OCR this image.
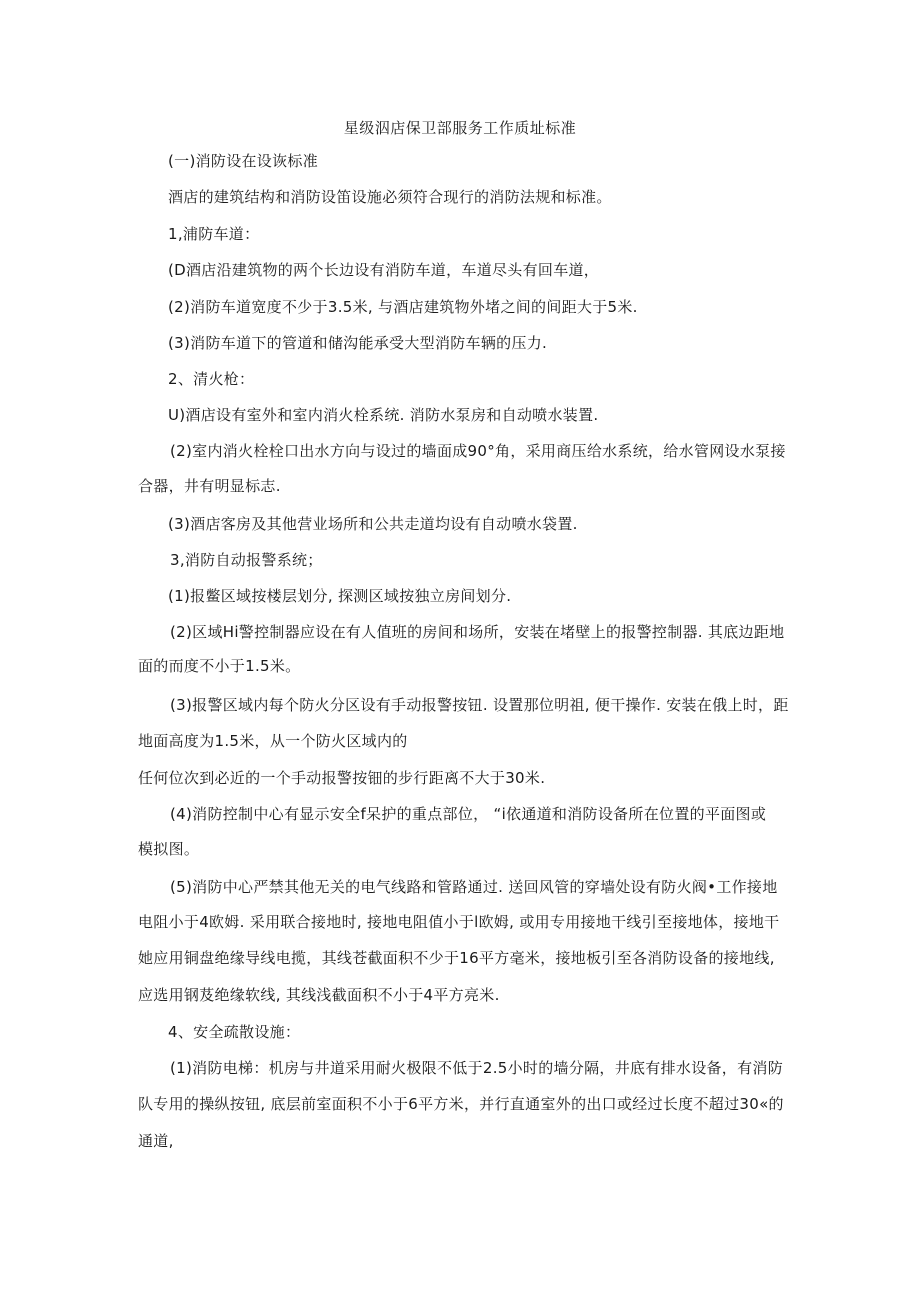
星级泅店保卫部服务工作质址标准
(一)消防设在设诙标准
酒店的建筑结构和消防设笛设施必须符合现行的消防法规和标准。
1,浦防车道：
(D酒店沿建筑物的两个长边设有消防车道，车道尽头有回车道，
(2)消防车道宽度不少于3.5米, 与酒店建筑物外堵之间的间距大于5米.
(3)消防车道下的管道和储沟能承受大型消防车辆的压力.
2、清火枪：
U)酒店设有室外和室内消火栓系统. 消防水泵房和自动喷水装置.
(2)室内消火栓栓口出水方向与设过的墙面成90°角，采用商压给水系统，给水管网设水泵接
合器，井有明显标志.
(3)酒店客房及其他营业场所和公共走道均设有自动喷水袋置.
3,消防自动报警系统；
(1)报鳖区域按楼层划分, 探测区域按独立房间划分.
(2)区域Hi警控制器应设在有人值班的房间和场所，安装在堵壁上的报警控制器. 其底边距地
面的而度不小于1.5米。
(3)报警区域内每个防火分区设有手动报警按钮. 设置那位明祖, 便干操作. 安装在俄上时，距
地面高度为1.5米，从一个防火区域内的
任何位次到必近的一个手动报警按钿的步行距离不大于30米.
(4)消防控制中心有显示安全f呆护的重点部位， “i依通道和消防设备所在位置的平面图或
模拟图。
(5)消防中心严禁其他无关的电气线路和管路通过. 送回风管的穿墙处设有防火阀•工作接地
电阻小于4欧姆. 采用联合接地时, 接地电阻值小于l欧姆, 或用专用接地干线引至接地体，接地干
她应用铜盘绝缘导线电揽，其线苍截面积不少于16平方毫米，接地板引至各消防设备的接地线,
应选用钢芨绝缘软线, 其线浅截面积不小于4平方亮米.
4、安全疏散设施：
(1)消防电梯：机房与井道采用耐火极限不低于2.5小时的墙分隔，井底有排水设备，有消防
队专用的操纵按钮, 底层前室面积不小于6平方米，并行直通室外的出口或经过长度不超过30«的
通道,
